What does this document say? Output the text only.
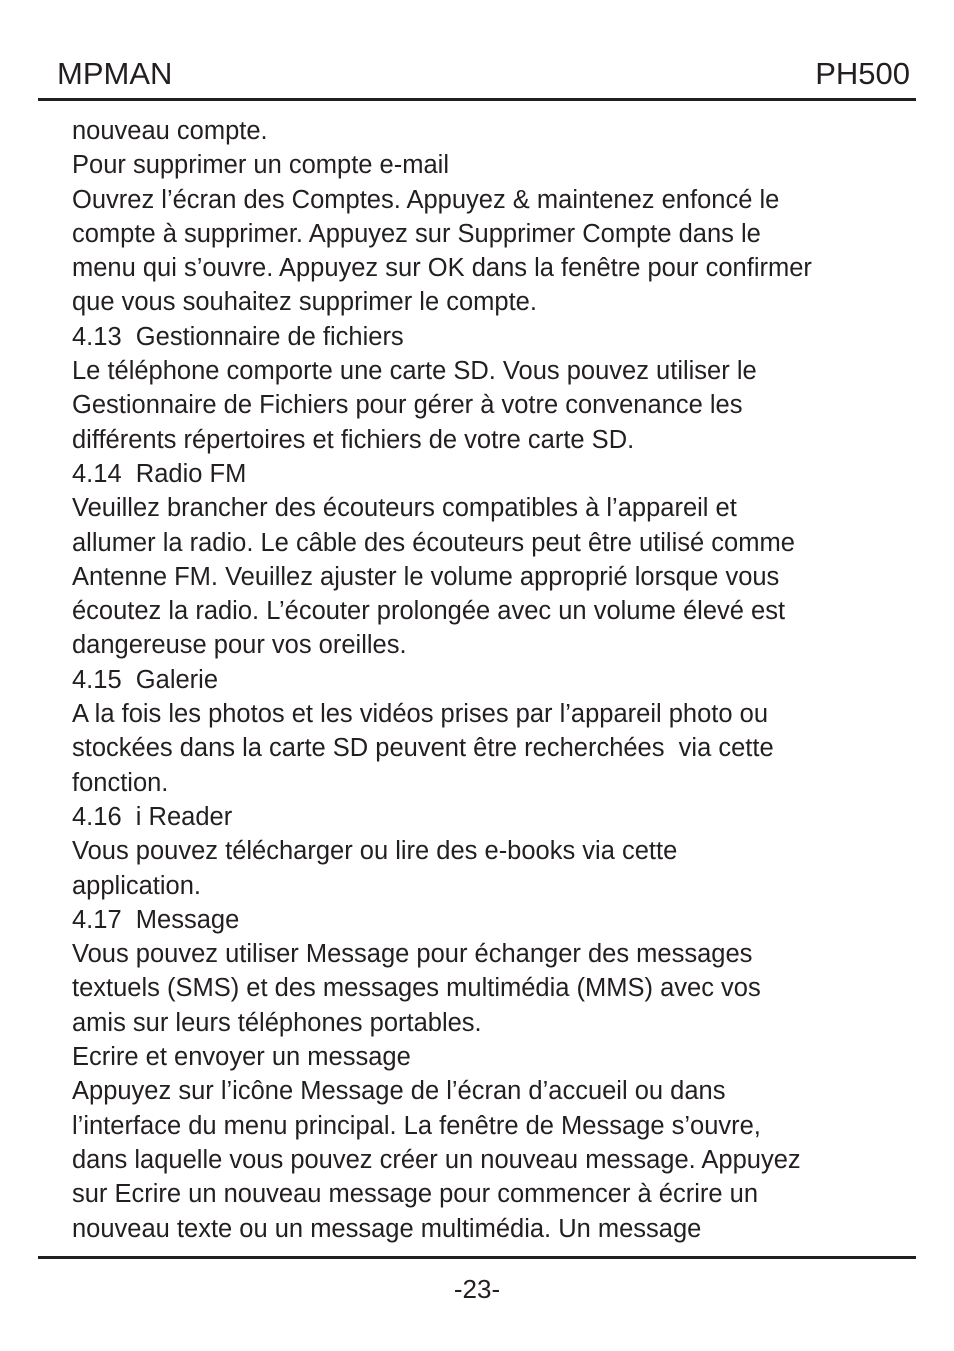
MPMAN	PH500
nouveau compte.
Pour supprimer un compte e-mail
Ouvrez l’écran des Comptes. Appuyez & maintenez enfoncé le
compte à supprimer. Appuyez sur Supprimer Compte dans le
menu qui s’ouvre. Appuyez sur OK dans la fenêtre pour confirmer
que vous souhaitez supprimer le compte.
4.13  Gestionnaire de fichiers
Le téléphone comporte une carte SD. Vous pouvez utiliser le
Gestionnaire de Fichiers pour gérer à votre convenance les
différents répertoires et fichiers de votre carte SD.
4.14  Radio FM
Veuillez brancher des écouteurs compatibles à l’appareil et
allumer la radio. Le câble des écouteurs peut être utilisé comme
Antenne FM. Veuillez ajuster le volume approprié lorsque vous
écoutez la radio. L’écouter prolongée avec un volume élevé est
dangereuse pour vos oreilles.
4.15  Galerie
A la fois les photos et les vidéos prises par l’appareil photo ou
stockées dans la carte SD peuvent être recherchées  via cette
fonction.
4.16  i Reader
Vous pouvez télécharger ou lire des e-books via cette
application.
4.17  Message
Vous pouvez utiliser Message pour échanger des messages
textuels (SMS) et des messages multimédia (MMS) avec vos
amis sur leurs téléphones portables.
Ecrire et envoyer un message
Appuyez sur l’icône Message de l’écran d’accueil ou dans
l’interface du menu principal. La fenêtre de Message s’ouvre,
dans laquelle vous pouvez créer un nouveau message. Appuyez
sur Ecrire un nouveau message pour commencer à écrire un
nouveau texte ou un message multimédia. Un message
-23-
